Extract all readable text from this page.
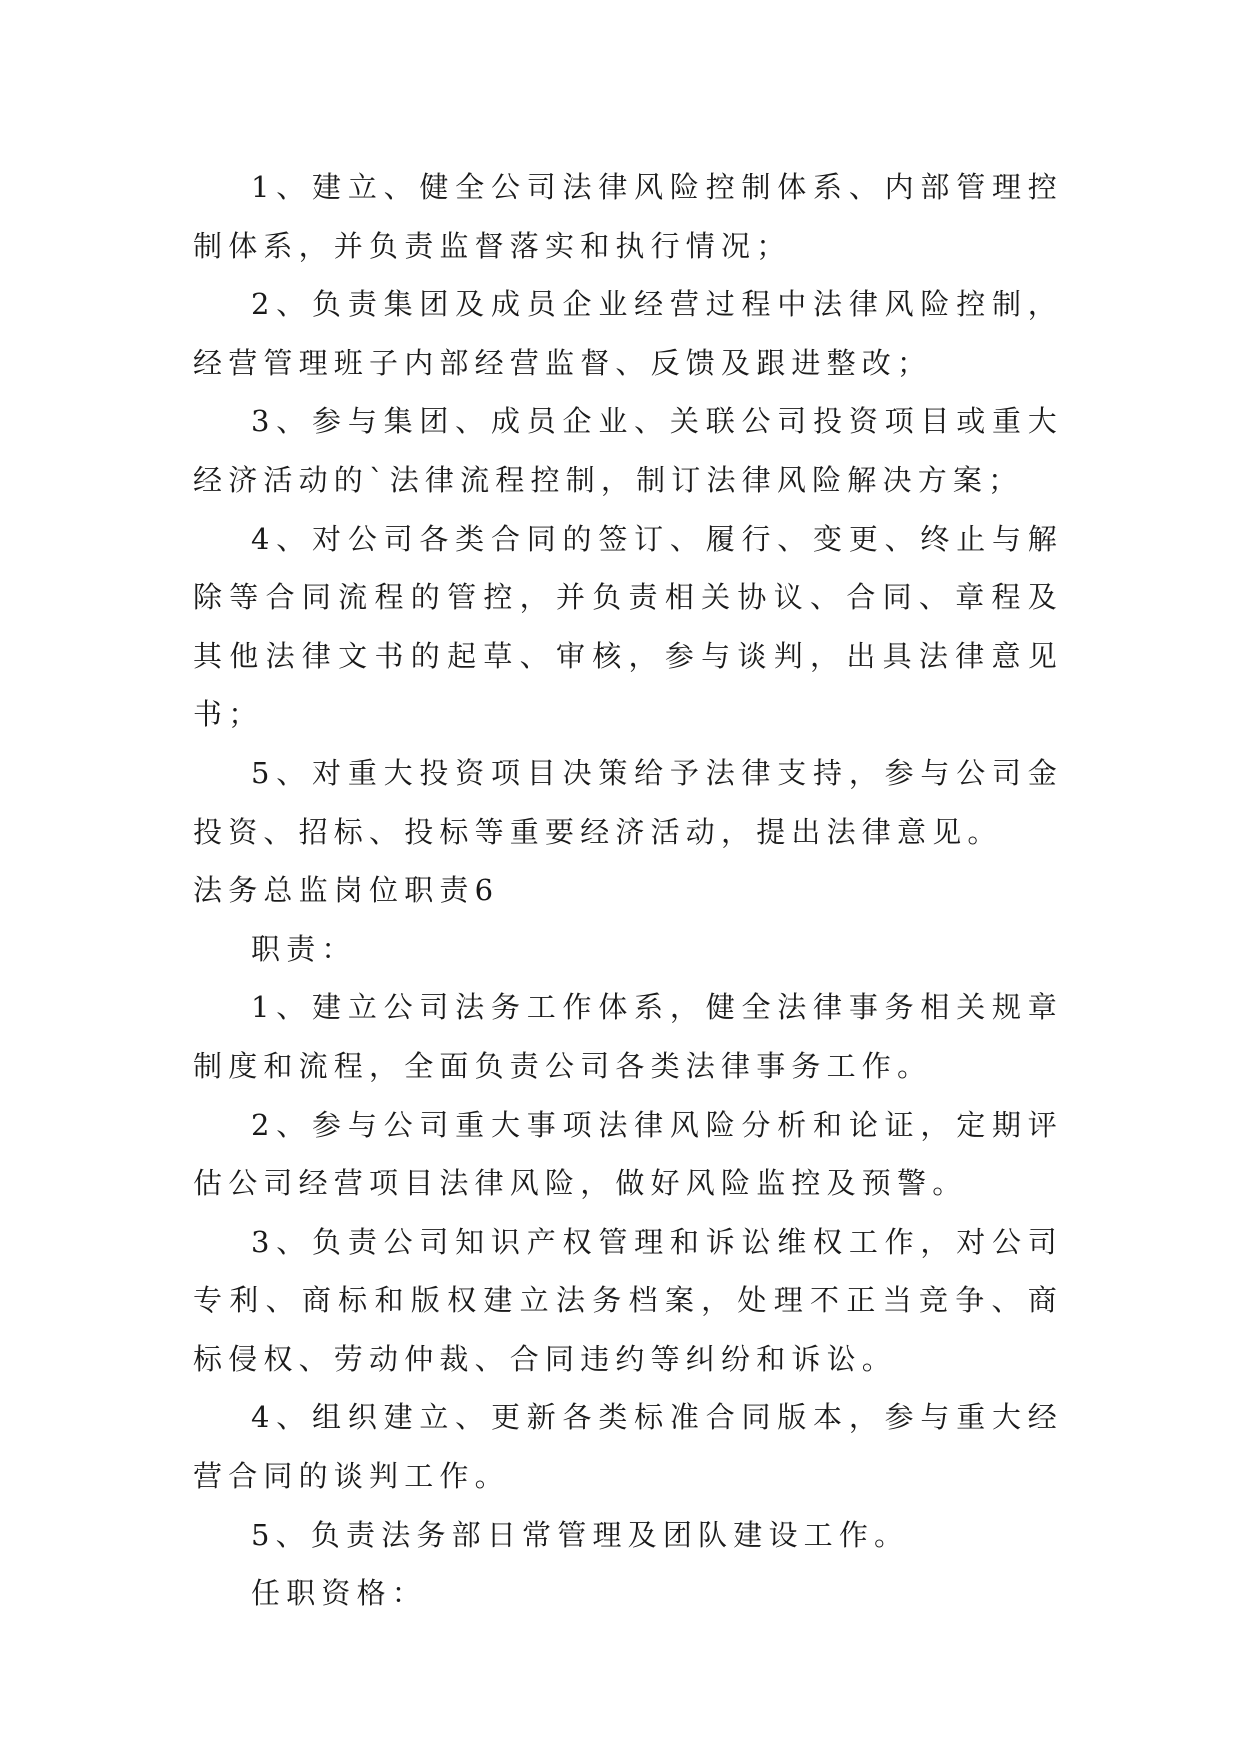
1、建立、健全公司法律风险控制体系、内部管理控制体系，并负责监督落实和执行情况；

2、负责集团及成员企业经营过程中法律风险控制，经营管理班子内部经营监督、反馈及跟进整改；

3、参与集团、成员企业、关联公司投资项目或重大经济活动的`法律流程控制，制订法律风险解决方案；

4、对公司各类合同的签订、履行、变更、终止与解除等合同流程的管控，并负责相关协议、合同、章程及其他法律文书的起草、审核，参与谈判，出具法律意见书；

5、对重大投资项目决策给予法律支持，参与公司金投资、招标、投标等重要经济活动，提出法律意见。

法务总监岗位职责6

职责：

1、建立公司法务工作体系，健全法律事务相关规章制度和流程，全面负责公司各类法律事务工作。

2、参与公司重大事项法律风险分析和论证，定期评估公司经营项目法律风险，做好风险监控及预警。

3、负责公司知识产权管理和诉讼维权工作，对公司专利、商标和版权建立法务档案，处理不正当竞争、商标侵权、劳动仲裁、合同违约等纠纷和诉讼。

4、组织建立、更新各类标准合同版本，参与重大经营合同的谈判工作。

5、负责法务部日常管理及团队建设工作。

任职资格：
